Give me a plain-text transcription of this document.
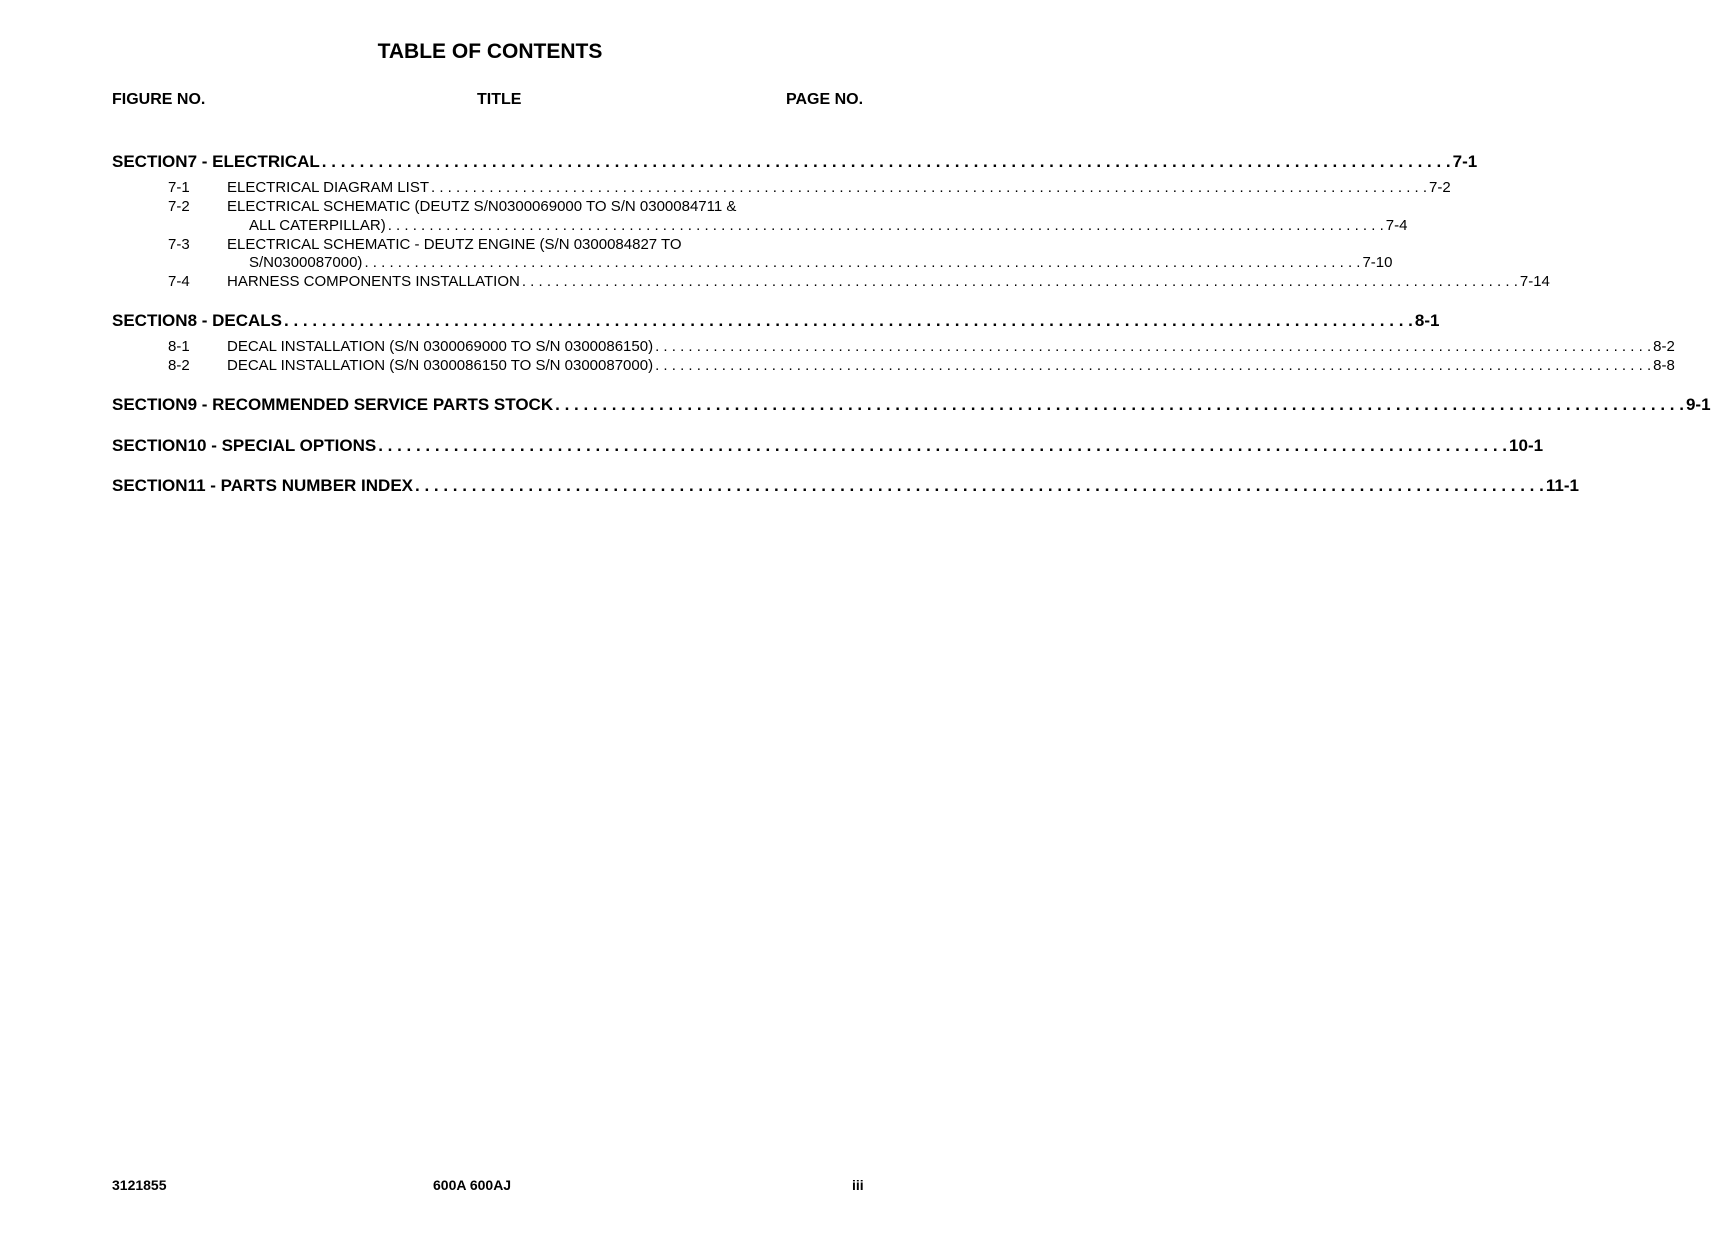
TABLE OF CONTENTS
FIGURE NO.	TITLE	PAGE NO.
SECTION 7 - ELECTRICAL . . . . . . . . . . . . . . . . . . . . . . . . . . . . . . . . . . . . . . . . . . . . . . . . . . . . . . . . . . . . . . . . . . . . . . . . . . . . . . . . . . . . . . . . . . . . . . . . . . . . . . . . . . . . . . . . . . . . . . . . 7-1
7-1 ELECTRICAL DIAGRAM LIST . . . . . . . . . . . . . . . . . . . . . . . . . . . . . . . . . . . . . . . . . . . . . . . . . . . . . . . . . . . . . . . . . . . . . . . . . . . . . . . . . . . . . . . . . . . . . . . . . . . . . . . . . . . . . . . . . . . . . . . . 7-2
7-2 ELECTRICAL SCHEMATIC (DEUTZ S/N0300069000 TO S/N 0300084711 &
ALL CATERPILLAR) . . . . . . . . . . . . . . . . . . . . . . . . . . . . . . . . . . . . . . . . . . . . . . . . . . . . . . . . . . . . . . . . . . . . . . . . . . . . . . . . . . . . . . . . . . . . . . . . . . . . . . . . . . . . . . . . . . . . . . . . 7-4
7-3 ELECTRICAL SCHEMATIC - DEUTZ ENGINE (S/N 0300084827 TO
S/N0300087000) . . . . . . . . . . . . . . . . . . . . . . . . . . . . . . . . . . . . . . . . . . . . . . . . . . . . . . . . . . . . . . . . . . . . . . . . . . . . . . . . . . . . . . . . . . . . . . . . . . . . . . . . . . . . . . . . . . . . . . . . 7-10
7-4 HARNESS COMPONENTS INSTALLATION . . . . . . . . . . . . . . . . . . . . . . . . . . . . . . . . . . . . . . . . . . . . . . . . . . . . . . . . . . . . . . . . . . . . . . . . . . . . . . . . . . . . . . . . . . . . . . . . . . . . . . . . . . . . . . . . . . . . . . . . 7-14
SECTION 8 - DECALS . . . . . . . . . . . . . . . . . . . . . . . . . . . . . . . . . . . . . . . . . . . . . . . . . . . . . . . . . . . . . . . . . . . . . . . . . . . . . . . . . . . . . . . . . . . . . . . . . . . . . . . . . . . . . . . . . . . . . . . . 8-1
8-1 DECAL INSTALLATION (S/N 0300069000 TO S/N 0300086150) . . . . . . . . . . . . . . . . . . . . . . . . . . . . . . . . . . . . . . . . . . . . . . . . . . . . . . . . . . . . . . . . . . . . . . . . . . . . . . . . . . . . . . . . . . . . . . . . . . . . . . . . . . . . . . . . . . . . . . . . 8-2
8-2 DECAL INSTALLATION (S/N 0300086150 TO S/N 0300087000) . . . . . . . . . . . . . . . . . . . . . . . . . . . . . . . . . . . . . . . . . . . . . . . . . . . . . . . . . . . . . . . . . . . . . . . . . . . . . . . . . . . . . . . . . . . . . . . . . . . . . . . . . . . . . . . . . . . . . . . . 8-8
SECTION 9 - RECOMMENDED SERVICE PARTS STOCK . . . . . . . . . . . . . . . . . . . . . . . . . . . . . . . . . . . . . . . . . . . . . . . . . . . . . . . . . . . . . . . . . . . . . . . . . . . . . . . . . . . . . . . . . . . . . . . . . . . . . . . . . . . . . . . . . . . . . . . . 9-1
SECTION 10 - SPECIAL OPTIONS . . . . . . . . . . . . . . . . . . . . . . . . . . . . . . . . . . . . . . . . . . . . . . . . . . . . . . . . . . . . . . . . . . . . . . . . . . . . . . . . . . . . . . . . . . . . . . . . . . . . . . . . . . . . . . . . . . . . . . . . 10-1
SECTION 11 - PARTS NUMBER INDEX . . . . . . . . . . . . . . . . . . . . . . . . . . . . . . . . . . . . . . . . . . . . . . . . . . . . . . . . . . . . . . . . . . . . . . . . . . . . . . . . . . . . . . . . . . . . . . . . . . . . . . . . . . . . . . . . . . . . . . . . 11-1
3121855	600A 600AJ	iii
